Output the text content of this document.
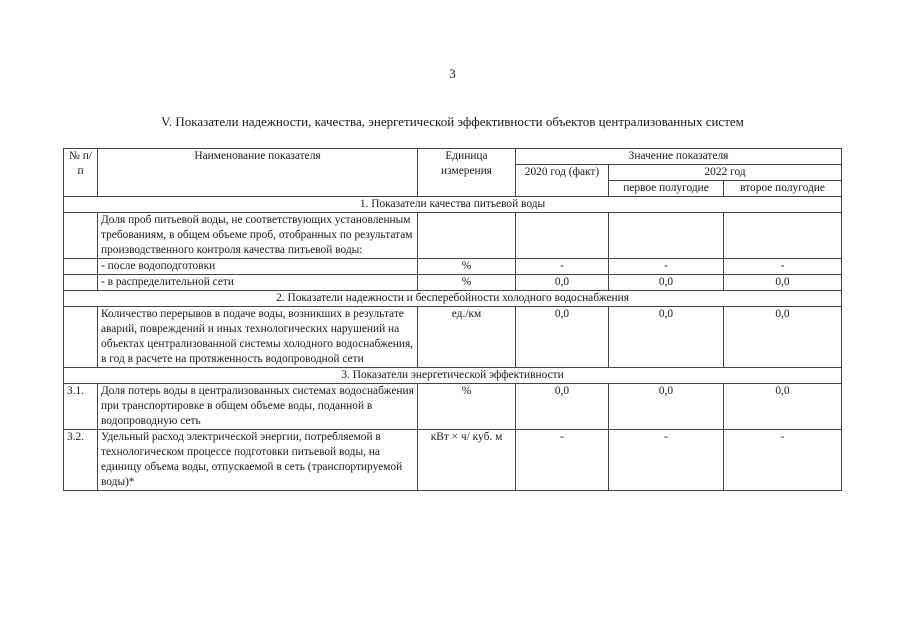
3
V. Показатели надежности, качества, энергетической эффективности объектов централизованных систем
№ п/п	Наименование показателя	Единица измерения	Значение показателя		
			2020 год (факт)	2022 год	
				первое полугодие	второе полугодие
1. Показатели качества питьевой воды					
	Доля проб питьевой воды, не соответствующих установленным требованиям, в общем объеме проб, отобранных по результатам производственного контроля качества питьевой воды:				
	- после водоподготовки	%	-	-	-
	- в распределительной сети	%	0,0	0,0	0,0
2. Показатели надежности и бесперебойности холодного водоснабжения					
	Количество перерывов в подаче воды, возникших в результате аварий, повреждений и иных технологических нарушений на объектах централизованной системы холодного водоснабжения, в год в расчете на протяженность водопроводной сети	ед./км	0,0	0,0	0,0
3. Показатели энергетической эффективности					
3.1.	Доля потерь воды в централизованных системах водоснабжения при транспортировке в общем объеме воды, поданной в водопроводную сеть	%	0,0	0,0	0,0
3.2.	Удельный расход электрической энергии, потребляемой в технологическом процессе подготовки питьевой воды, на единицу объема воды, отпускаемой в сеть (транспортируемой воды)*	кВт × ч/ куб. м	-	-	-
